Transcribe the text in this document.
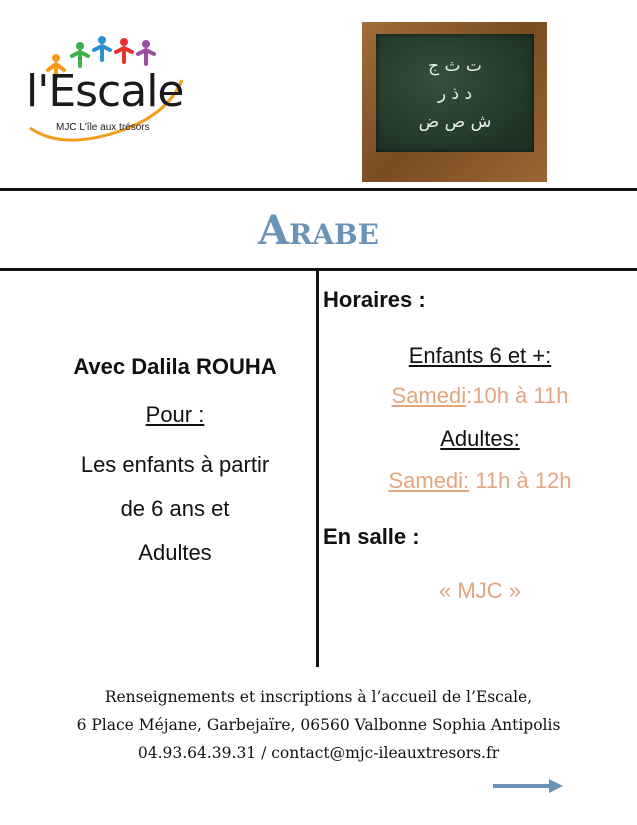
l'Escale
MJC L'île aux trésors
ت ث ج
د ذ ر
ش ص ض
Arabe
Avec Dalila ROUHA
Pour :
Les enfants à partir
de 6 ans et
Adultes
Horaires :
Enfants 6 et +:
Samedi:10h à 11h
Adultes:
Samedi: 11h à 12h
En salle :
« MJC »
Renseignements et inscriptions à l’accueil de l’Escale,
6 Place Méjane, Garbejaïre, 06560 Valbonne Sophia Antipolis
04.93.64.39.31 / contact@mjc-ileauxtresors.fr
